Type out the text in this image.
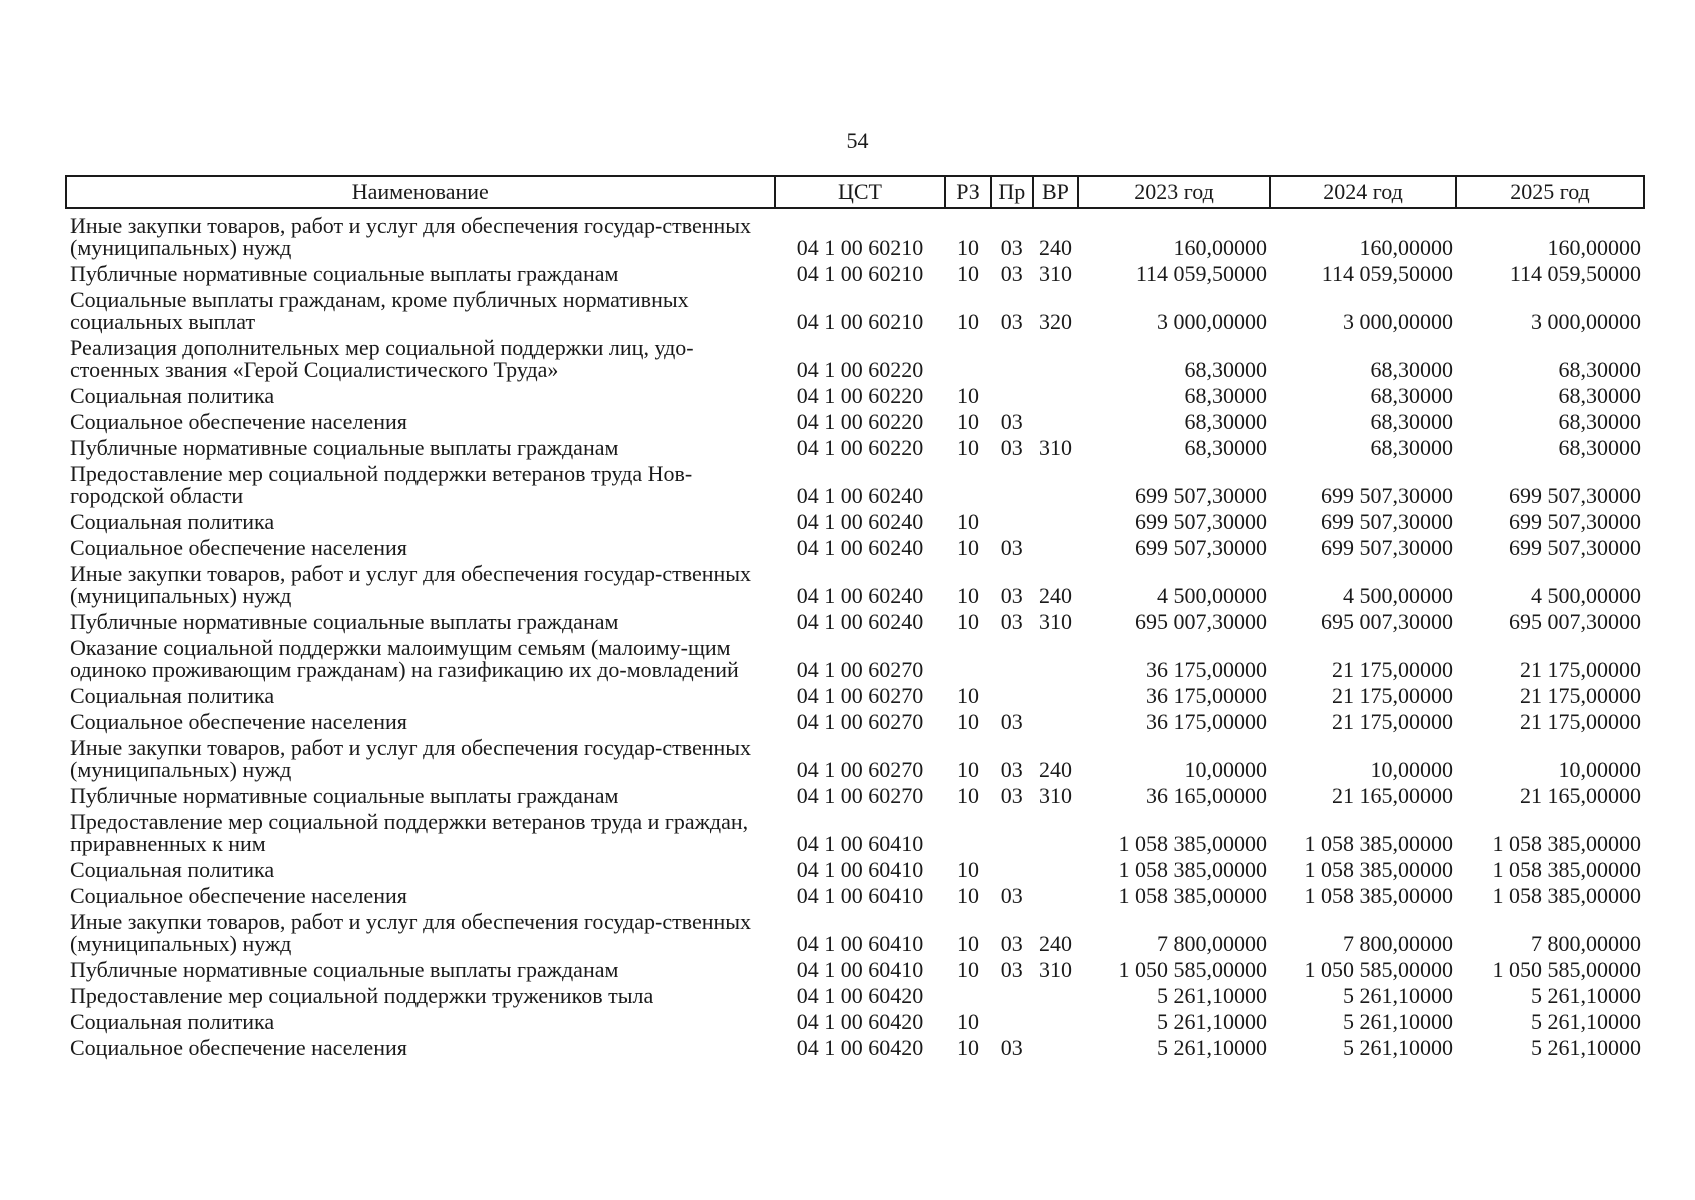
54
Наименование	ЦСТ	РЗ	Пр	ВР	2023 год	2024 год	2025 год
Иные закупки товаров, работ и услуг для обеспечения государ-ственных (муниципальных) нужд	04 1 00 60210	10	03	240	160,00000	160,00000	160,00000
Публичные нормативные социальные выплаты гражданам	04 1 00 60210	10	03	310	114 059,50000	114 059,50000	114 059,50000
Социальные выплаты гражданам, кроме публичных нормативных социальных выплат	04 1 00 60210	10	03	320	3 000,00000	3 000,00000	3 000,00000
Реализация дополнительных мер социальной поддержки лиц, удо-стоенных звания «Герой Социалистического Труда»	04 1 00 60220				68,30000	68,30000	68,30000
Социальная политика	04 1 00 60220	10			68,30000	68,30000	68,30000
Социальное обеспечение населения	04 1 00 60220	10	03		68,30000	68,30000	68,30000
Публичные нормативные социальные выплаты гражданам	04 1 00 60220	10	03	310	68,30000	68,30000	68,30000
Предоставление мер социальной поддержки ветеранов труда Нов-городской области	04 1 00 60240				699 507,30000	699 507,30000	699 507,30000
Социальная политика	04 1 00 60240	10			699 507,30000	699 507,30000	699 507,30000
Социальное обеспечение населения	04 1 00 60240	10	03		699 507,30000	699 507,30000	699 507,30000
Иные закупки товаров, работ и услуг для обеспечения государ-ственных (муниципальных) нужд	04 1 00 60240	10	03	240	4 500,00000	4 500,00000	4 500,00000
Публичные нормативные социальные выплаты гражданам	04 1 00 60240	10	03	310	695 007,30000	695 007,30000	695 007,30000
Оказание социальной поддержки малоимущим семьям (малоиму-щим одиноко проживающим гражданам) на газификацию их до-мовладений	04 1 00 60270				36 175,00000	21 175,00000	21 175,00000
Социальная политика	04 1 00 60270	10			36 175,00000	21 175,00000	21 175,00000
Социальное обеспечение населения	04 1 00 60270	10	03		36 175,00000	21 175,00000	21 175,00000
Иные закупки товаров, работ и услуг для обеспечения государ-ственных (муниципальных) нужд	04 1 00 60270	10	03	240	10,00000	10,00000	10,00000
Публичные нормативные социальные выплаты гражданам	04 1 00 60270	10	03	310	36 165,00000	21 165,00000	21 165,00000
Предоставление мер социальной поддержки ветеранов труда и граждан, приравненных к ним	04 1 00 60410				1 058 385,00000	1 058 385,00000	1 058 385,00000
Социальная политика	04 1 00 60410	10			1 058 385,00000	1 058 385,00000	1 058 385,00000
Социальное обеспечение населения	04 1 00 60410	10	03		1 058 385,00000	1 058 385,00000	1 058 385,00000
Иные закупки товаров, работ и услуг для обеспечения государ-ственных (муниципальных) нужд	04 1 00 60410	10	03	240	7 800,00000	7 800,00000	7 800,00000
Публичные нормативные социальные выплаты гражданам	04 1 00 60410	10	03	310	1 050 585,00000	1 050 585,00000	1 050 585,00000
Предоставление мер социальной поддержки тружеников тыла	04 1 00 60420				5 261,10000	5 261,10000	5 261,10000
Социальная политика	04 1 00 60420	10			5 261,10000	5 261,10000	5 261,10000
Социальное обеспечение населения	04 1 00 60420	10	03		5 261,10000	5 261,10000	5 261,10000
